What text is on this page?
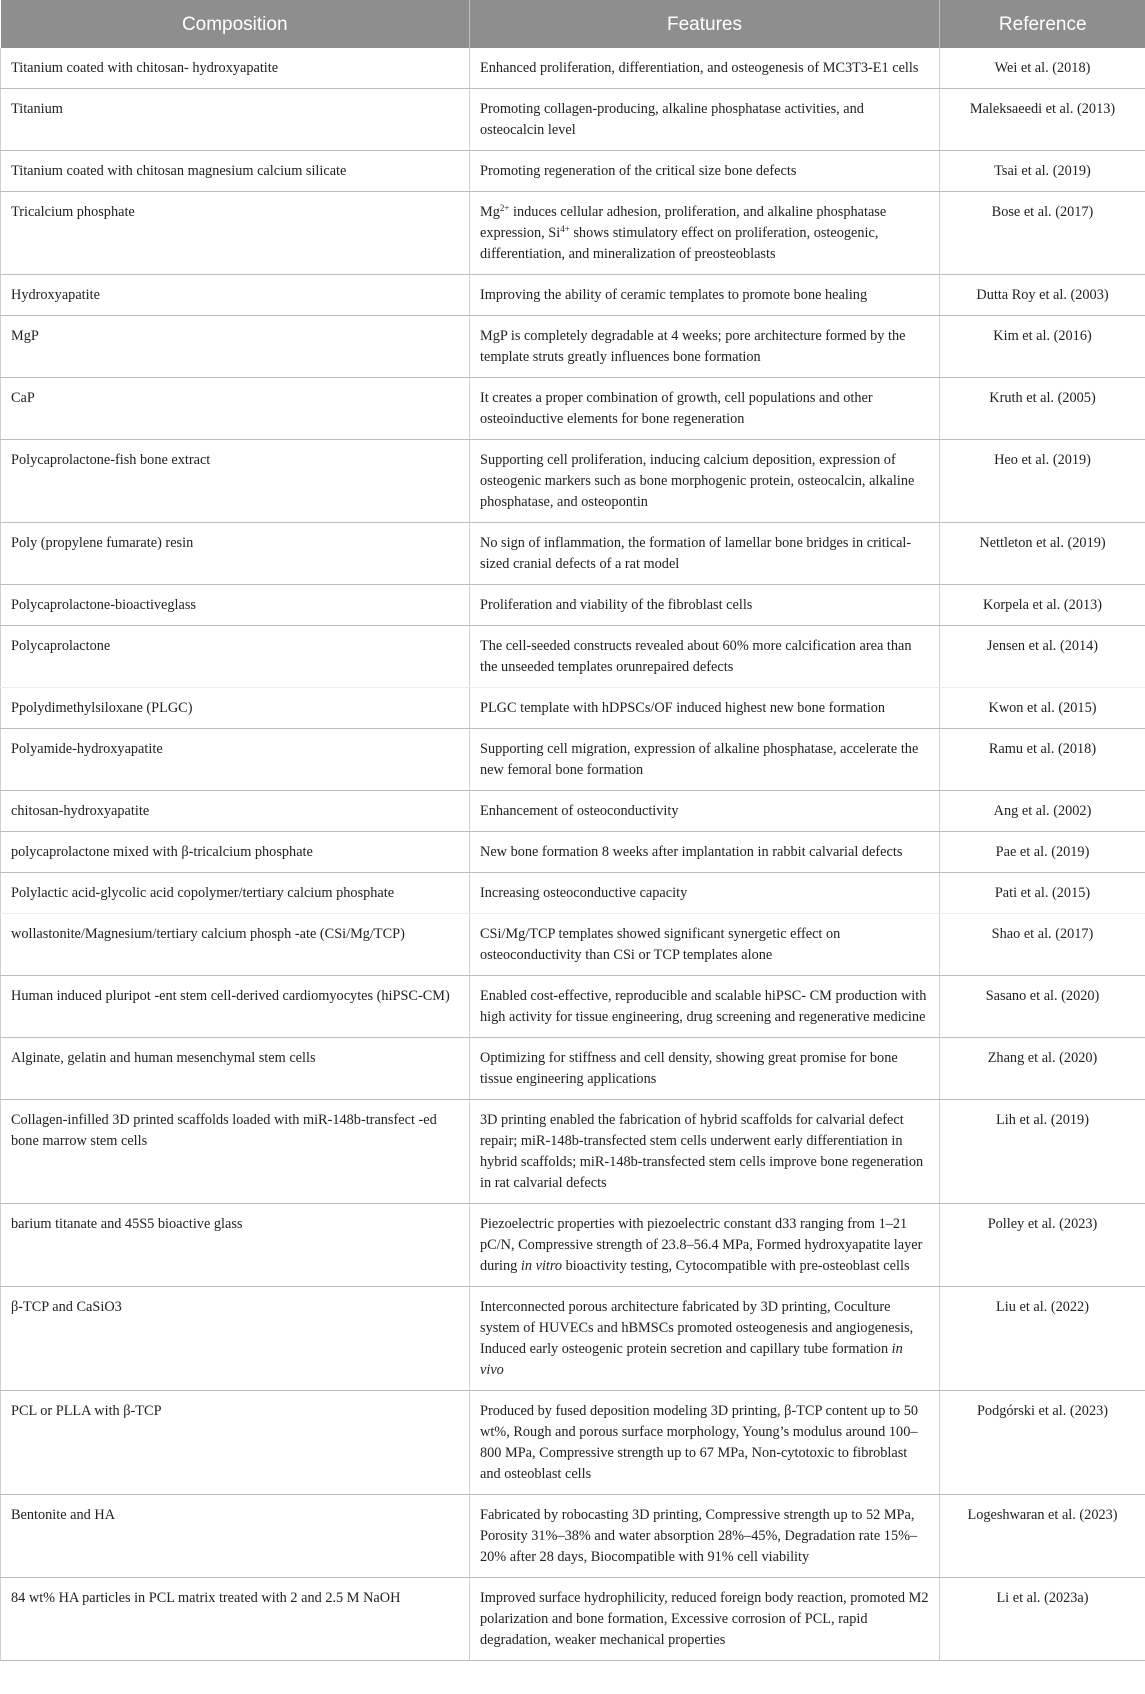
Composition	Features	Reference
Titanium coated with chitosan- hydroxyapatite	Enhanced proliferation, differentiation, and osteogenesis of MC3T3-E1 cells	Wei et al. (2018)
Titanium	Promoting collagen-producing, alkaline phosphatase activities, and osteocalcin level	Maleksaeedi et al. (2013)
Titanium coated with chitosan magnesium calcium silicate	Promoting regeneration of the critical size bone defects	Tsai et al. (2019)
Tricalcium phosphate	$Mg^{2+}$ induces cellular adhesion, proliferation, and alkaline phosphatase expression, $Si^{4+}$ shows stimulatory effect on proliferation, osteogenic, differentiation, and mineralization of preosteoblasts	Bose et al. (2017)
Hydroxyapatite	Improving the ability of ceramic templates to promote bone healing	Dutta Roy et al. (2003)
MgP	MgP is completely degradable at 4 weeks; pore architecture formed by the template struts greatly influences bone formation	Kim et al. (2016)
CaP	It creates a proper combination of growth, cell populations and other osteoinductive elements for bone regeneration	Kruth et al. (2005)
Polycaprolactone-fish bone extract	Supporting cell proliferation, inducing calcium deposition, expression of osteogenic markers such as bone morphogenic protein, osteocalcin, alkaline phosphatase, and osteopontin	Heo et al. (2019)
Poly (propylene fumarate) resin	No sign of inflammation, the formation of lamellar bone bridges in critical-sized cranial defects of a rat model	Nettleton et al. (2019)
Polycaprolactone-bioactiveglass	Proliferation and viability of the fibroblast cells	Korpela et al. (2013)
Polycaprolactone	The cell-seeded constructs revealed about 60% more calcification area than the unseeded templates orunrepaired defects	Jensen et al. (2014)
Ppolydimethylsiloxane (PLGC)	PLGC template with hDPSCs/OF induced highest new bone formation	Kwon et al. (2015)
Polyamide-hydroxyapatite	Supporting cell migration, expression of alkaline phosphatase, accelerate the new femoral bone formation	Ramu et al. (2018)
chitosan-hydroxyapatite	Enhancement of osteoconductivity	Ang et al. (2002)
polycaprolactone mixed with β-tricalcium phosphate	New bone formation 8 weeks after implantation in rabbit calvarial defects	Pae et al. (2019)
Polylactic acid-glycolic acid copolymer/tertiary calcium phosphate	Increasing osteoconductive capacity	Pati et al. (2015)
wollastonite/Magnesium/tertiary calcium phosph -ate (CSi/Mg/TCP)	CSi/Mg/TCP templates showed significant synergetic effect on osteoconductivity than CSi or TCP templates alone	Shao et al. (2017)
Human induced pluripot -ent stem cell-derived cardiomyocytes (hiPSC-CM)	Enabled cost-effective, reproducible and scalable hiPSC- CM production with high activity for tissue engineering, drug screening and regenerative medicine	Sasano et al. (2020)
Alginate, gelatin and human mesenchymal stem cells	Optimizing for stiffness and cell density, showing great promise for bone tissue engineering applications	Zhang et al. (2020)
Collagen-infilled 3D printed scaffolds loaded with miR-148b-transfect -ed bone marrow stem cells	3D printing enabled the fabrication of hybrid scaffolds for calvarial defect repair; miR-148b-transfected stem cells underwent early differentiation in hybrid scaffolds; miR-148b-transfected stem cells improve bone regeneration in rat calvarial defects	Lih et al. (2019)
barium titanate and 45S5 bioactive glass	Piezoelectric properties with piezoelectric constant d33 ranging from 1–21 pC/N, Compressive strength of 23.8–56.4 MPa, Formed hydroxyapatite layer during in vitro bioactivity testing, Cytocompatible with pre-osteoblast cells	Polley et al. (2023)
β-TCP and CaSiO3	Interconnected porous architecture fabricated by 3D printing, Coculture system of HUVECs and hBMSCs promoted osteogenesis and angiogenesis, Induced early osteogenic protein secretion and capillary tube formation in vivo	Liu et al. (2022)
PCL or PLLA with β-TCP	Produced by fused deposition modeling 3D printing, β-TCP content up to 50 wt%, Rough and porous surface morphology, Young’s modulus around 100–800 MPa, Compressive strength up to 67 MPa, Non-cytotoxic to fibroblast and osteoblast cells	Podgórski et al. (2023)
Bentonite and HA	Fabricated by robocasting 3D printing, Compressive strength up to 52 MPa, Porosity 31%–38% and water absorption 28%–45%, Degradation rate 15%–20% after 28 days, Biocompatible with 91% cell viability	Logeshwaran et al. (2023)
84 wt% HA particles in PCL matrix treated with 2 and 2.5 M NaOH	Improved surface hydrophilicity, reduced foreign body reaction, promoted M2 polarization and bone formation, Excessive corrosion of PCL, rapid degradation, weaker mechanical properties	Li et al. (2023a)
